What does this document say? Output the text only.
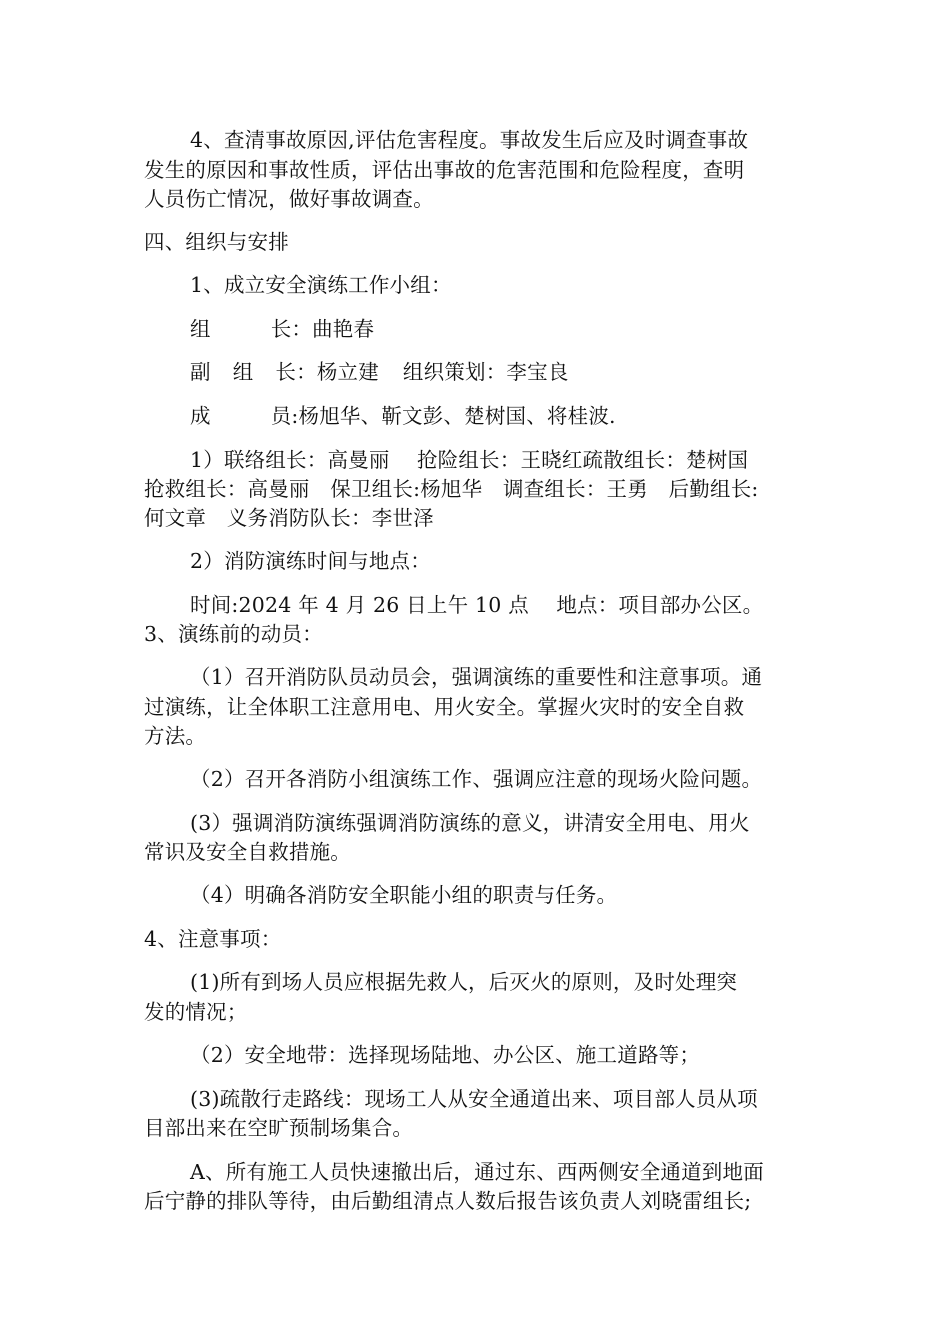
4、查清事故原因,评估危害程度。事故发生后应及时调查事故

发生的原因和事故性质，评估出事故的危害范围和危险程度，查明

人员伤亡情况，做好事故调查。

四、组织与安排

1、成立安全演练工作小组：

组	长：曲艳春

副 组 长：杨立建 组织策划：李宝良

成	员:杨旭华、靳文彭、楚树国、将桂波.

1）联络组长：高曼丽　 抢险组长：王晓红疏散组长：楚树国

抢救组长：高曼丽　保卫组长:杨旭华　调查组长：王勇　后勤组长:

何文章　义务消防队长：李世泽

2）消防演练时间与地点：

时间:2024 年 4 月 26 日上午 10 点　 地点：项目部办公区。

3、演练前的动员：

（1）召开消防队员动员会，强调演练的重要性和注意事项。通

过演练，让全体职工注意用电、用火安全。掌握火灾时的安全自救

方法。

（2）召开各消防小组演练工作、强调应注意的现场火险问题。

(3）强调消防演练强调消防演练的意义，讲清安全用电、用火

常识及安全自救措施。

（4）明确各消防安全职能小组的职责与任务。

4、注意事项：

(1)所有到场人员应根据先救人，后灭火的原则，及时处理突

发的情况；

（2）安全地带：选择现场陆地、办公区、施工道路等；

(3)疏散行走路线：现场工人从安全通道出来、项目部人员从项

目部出来在空旷预制场集合。

A、所有施工人员快速撤出后，通过东、西两侧安全通道到地面

后宁静的排队等待，由后勤组清点人数后报告该负责人刘晓雷组长;
